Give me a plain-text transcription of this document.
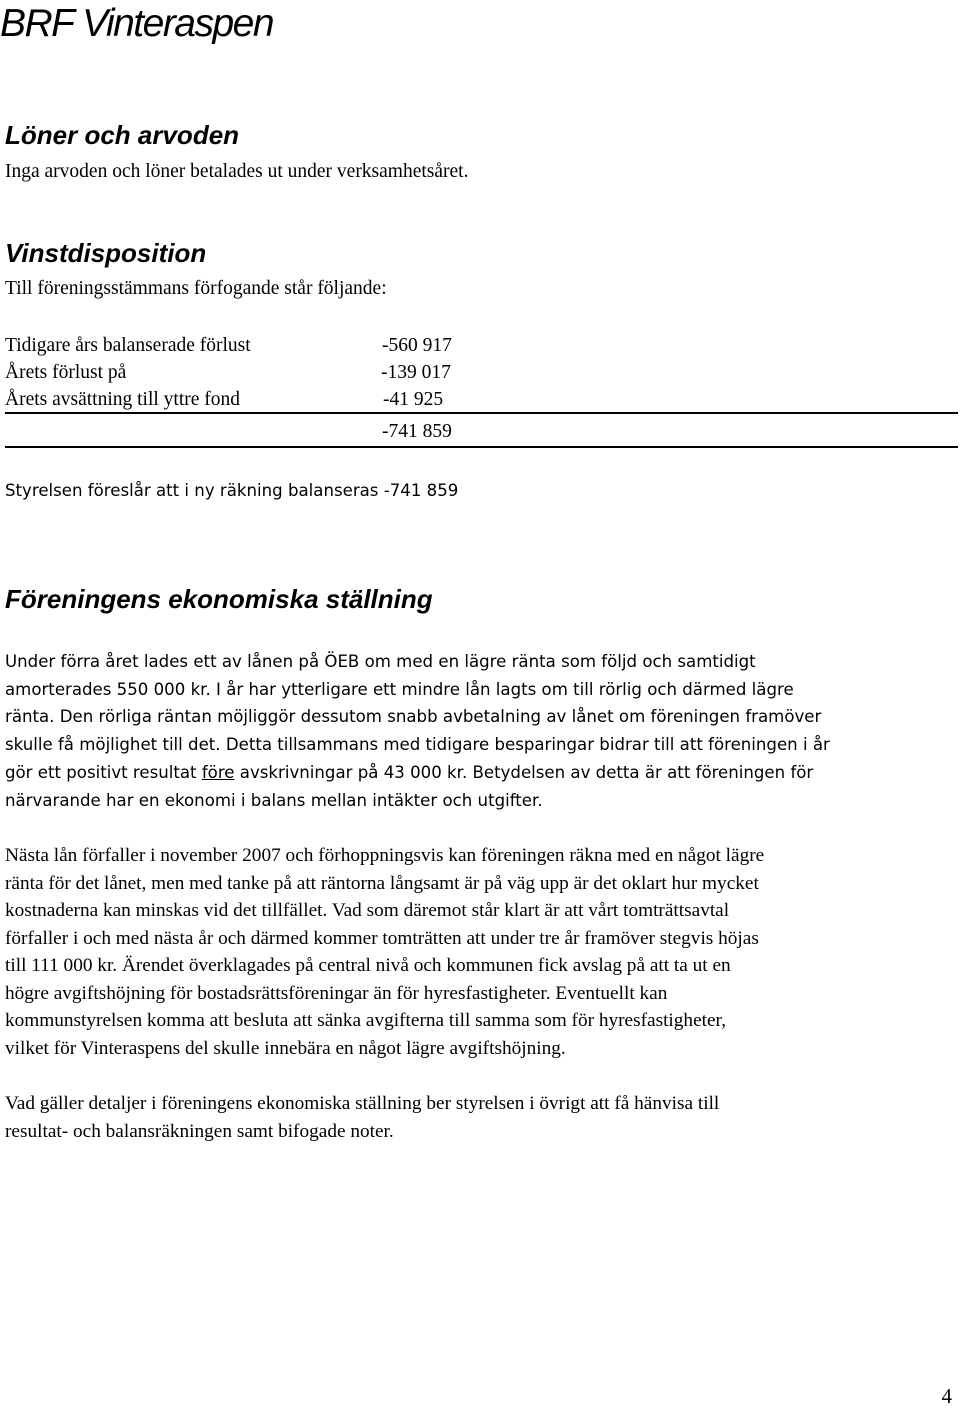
BRF Vinteraspen
Löner och arvoden
Inga arvoden och löner betalades ut under verksamhetsåret.
Vinstdisposition
Till föreningsstämmans förfogande står följande:
Tidigare års balanserade förlust	-560 917
Årets förlust på	-139 017
Årets avsättning till yttre fond	-41 925
-741 859
Styrelsen föreslår att i ny räkning balanseras -741 859
Föreningens ekonomiska ställning
Under förra året lades ett av lånen på ÖEB om med en lägre ränta som följd och samtidigt
amorterades 550 000 kr. I år har ytterligare ett mindre lån lagts om till rörlig och därmed lägre
ränta. Den rörliga räntan möjliggör dessutom snabb avbetalning av lånet om föreningen framöver
skulle få möjlighet till det. Detta tillsammans med tidigare besparingar bidrar till att föreningen i år
gör ett positivt resultat före avskrivningar på 43 000 kr. Betydelsen av detta är att föreningen för
närvarande har en ekonomi i balans mellan intäkter och utgifter.
Nästa lån förfaller i november 2007 och förhoppningsvis kan föreningen räkna med en något lägre
ränta för det lånet, men med tanke på att räntorna långsamt är på väg upp är det oklart hur mycket
kostnaderna kan minskas vid det tillfället. Vad som däremot står klart är att vårt tomträttsavtal
förfaller i och med nästa år och därmed kommer tomträtten att under tre år framöver stegvis höjas
till 111 000 kr. Ärendet överklagades på central nivå och kommunen fick avslag på att ta ut en
högre avgiftshöjning för bostadsrättsföreningar än för hyresfastigheter. Eventuellt kan
kommunstyrelsen komma att besluta att sänka avgifterna till samma som för hyresfastigheter,
vilket för Vinteraspens del skulle innebära en något lägre avgiftshöjning.
Vad gäller detaljer i föreningens ekonomiska ställning ber styrelsen i övrigt att få hänvisa till
resultat- och balansräkningen samt bifogade noter.
4
